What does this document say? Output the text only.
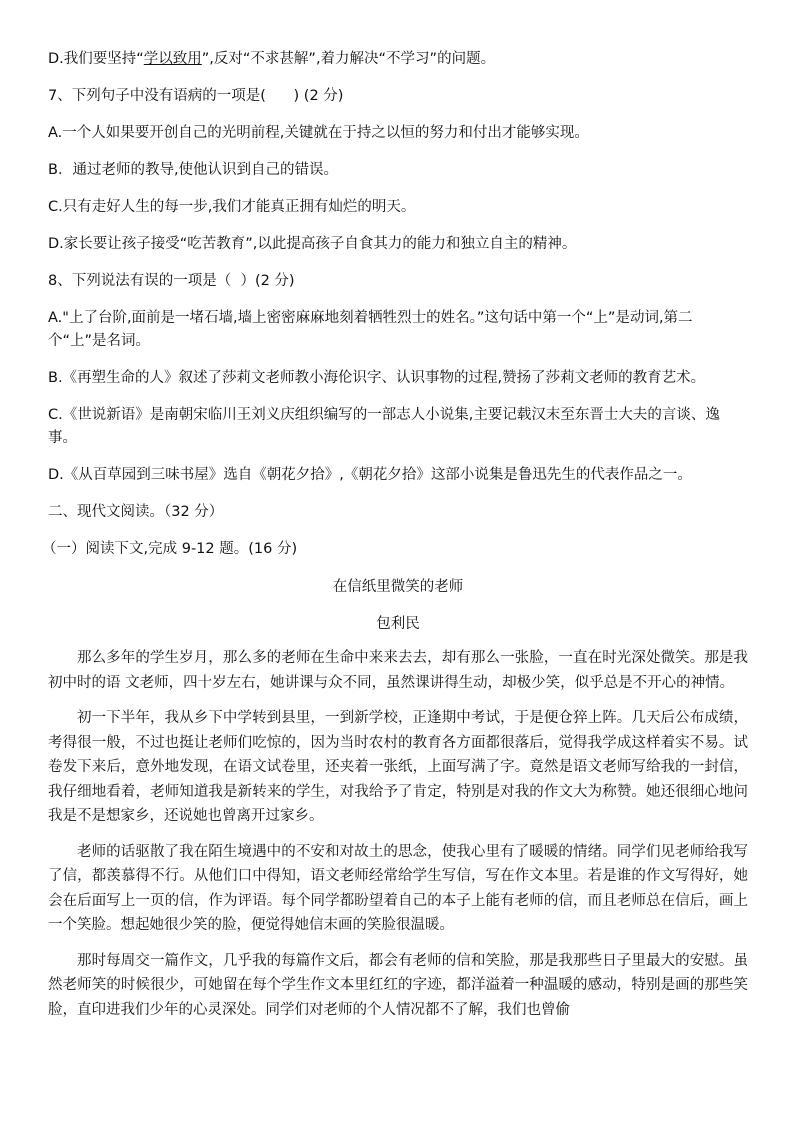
D.我们要坚持“学以致用”,反对“不求甚解”,着力解决“不学习”的问题。

7、下列句子中没有语病的一项是(      ) (2 分)

A.一个人如果要开创自己的光明前程,关键就在于持之以恒的努力和付出才能够实现。

B．通过老师的教导,使他认识到自己的错误。

C.只有走好人生的每一步,我们才能真正拥有灿烂的明天。

D.家长要让孩子接受“吃苦教育”,以此提高孩子自食其力的能力和独立自主的精神。

8、下列说法有误的一项是（  ）(2 分)

A."上了台阶,面前是一堵石墙,墙上密密麻麻地刻着牺牲烈士的姓名。”这句话中第一个“上”是动词,第二个“上”是名词。

B.《再塑生命的人》叙述了莎莉文老师教小海伦识字、认识事物的过程,赞扬了莎莉文老师的教育艺术。

C.《世说新语》是南朝宋临川王刘义庆组织编写的一部志人小说集,主要记载汉末至东晋士大夫的言谈、逸事。

D.《从百草园到三味书屋》选自《朝花夕拾》,《朝花夕拾》这部小说集是鲁迅先生的代表作品之一。

二、现代文阅读。（32 分）

（一）阅读下文,完成 9-12 题。(16 分)

在信纸里微笑的老师

包利民

那么多年的学生岁月，那么多的老师在生命中来来去去，却有那么一张脸，一直在时光深处微笑。那是我初中时的语 文老师，四十岁左右，她讲课与众不同，虽然课讲得生动，却极少笑，似乎总是不开心的神情。

初一下半年，我从乡下中学转到县里，一到新学校，正逢期中考试，于是便仓猝上阵。几天后公布成绩，考得很一般，不过也挺让老师们吃惊的，因为当时农村的教育各方面都很落后，觉得我学成这样着实不易。试卷发下来后，意外地发现，在语文试卷里，还夹着一张纸，上面写满了字。竟然是语文老师写给我的一封信，我仔细地看着，老师知道我是新转来的学生，对我给予了肯定，特别是对我的作文大为称赞。她还很细心地问我是不是想家乡，还说她也曾离开过家乡。

老师的话驱散了我在陌生境遇中的不安和对故土的思念，使我心里有了暖暖的情绪。同学们见老师给我写了信，都羡慕得不行。从他们口中得知，语文老师经常给学生写信，写在作文本里。若是谁的作文写得好，她会在后面写上一页的信，作为评语。每个同学都盼望着自己的本子上能有老师的信，而且老师总在信后，画上一个笑脸。想起她很少笑的脸，便觉得她信末画的笑脸很温暖。

那时每周交一篇作文，几乎我的每篇作文后，都会有老师的信和笑脸，那是我那些日子里最大的安慰。虽然老师笑的时候很少，可她留在每个学生作文本里红红的字迹，都洋溢着一种温暖的感动，特别是画的那些笑脸，直印进我们少年的心灵深处。同学们对老师的个人情况都不了解，我们也曾偷
